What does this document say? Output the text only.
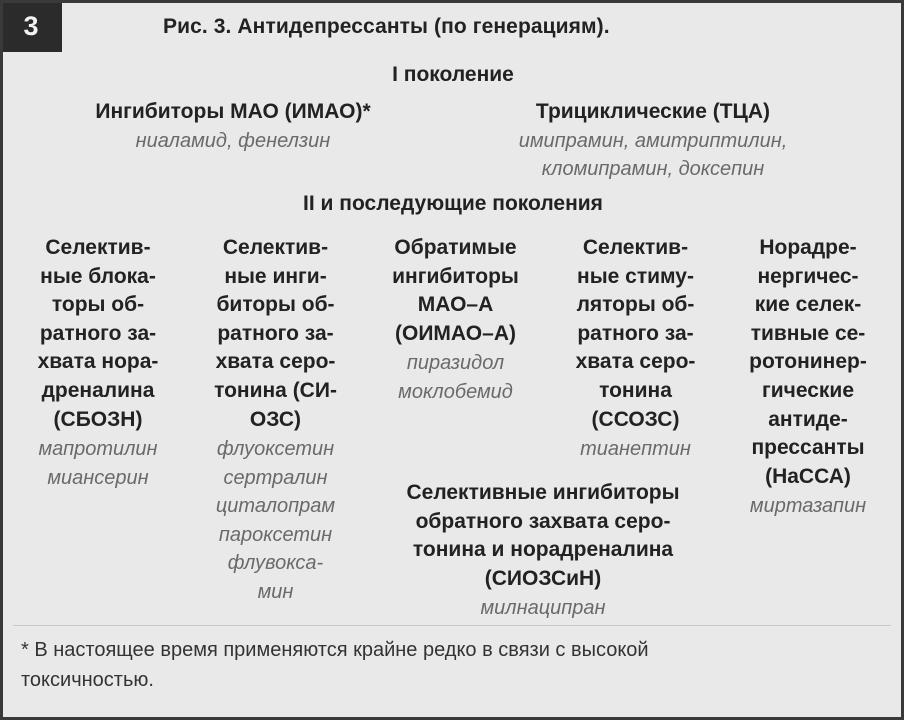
3	Рис. 3. Антидепрессанты (по генерациям).
I поколение
Ингибиторы МАО (ИМАО)*
ниаламид, фенелзин
Трициклические (ТЦА)
имипрамин, амитриптилин,
кломипрамин, доксепин
II и последующие поколения
Селектив-
ные блока-
торы об-
ратного за-
хвата нора-
дреналина
(СБОЗН)
мапротилин
миансерин
Селектив-
ные инги-
биторы об-
ратного за-
хвата серо-
тонина (СИ-
ОЗС)
флуоксетин
сертралин
циталопрам
пароксетин
флувокса-
мин
Обратимые
ингибиторы
МАО–А
(ОИМАО–А)
пиразидол
моклобемид
Селектив-
ные стиму-
ляторы об-
ратного за-
хвата серо-
тонина
(ССОЗС)
тианептин
Норадре-
нергичес-
кие селек-
тивные се-
ротонинер-
гические
антиде-
прессанты
(НаССА)
миртазапин
Селективные ингибиторы
обратного захвата серо-
тонина и норадреналина
(СИОЗСиН)
милнаципран
* В настоящее время применяются крайне редко в связи с высокой
токсичностью.
